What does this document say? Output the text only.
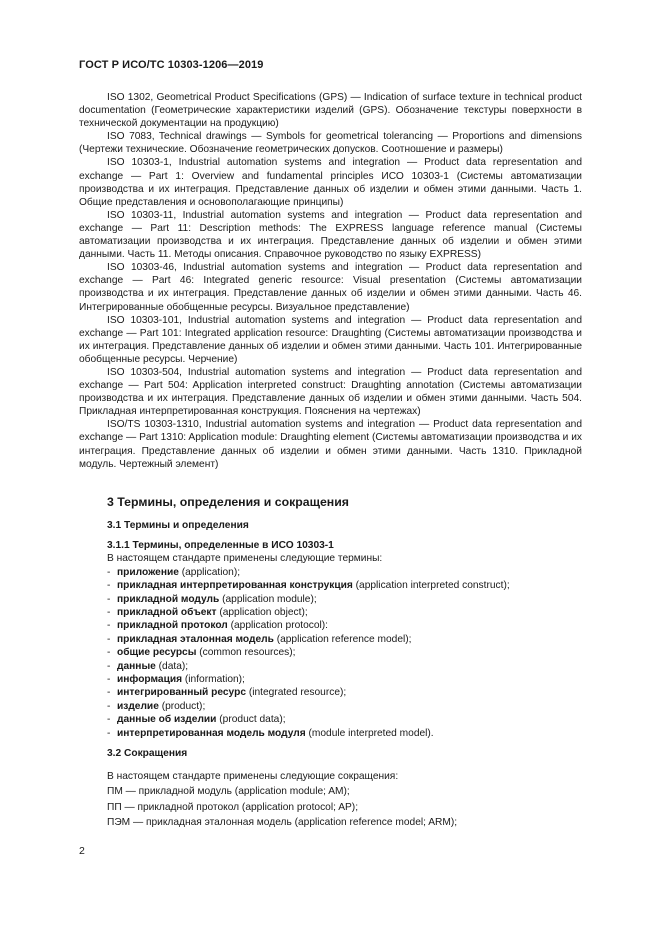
ГОСТ Р ИСО/ТС 10303-1206—2019

ISO 1302, Geometrical Product Specifications (GPS) — Indication of surface texture in technical product documentation (Геометрические характеристики изделий (GPS). Обозначение текстуры поверхности в технической документации на продукцию)

ISO 7083, Technical drawings — Symbols for geometrical tolerancing — Proportions and dimensions (Чертежи технические. Обозначение геометрических допусков. Соотношение и размеры)

ISO 10303-1, Industrial automation systems and integration — Product data representation and exchange — Part 1: Overview and fundamental principles ИСО 10303-1 (Системы автоматизации производства и их интеграция. Представление данных об изделии и обмен этими данными. Часть 1. Общие представления и основополагающие принципы)

ISO 10303-11, Industrial automation systems and integration — Product data representation and exchange — Part 11: Description methods: The EXPRESS language reference manual (Системы автоматизации производства и их интеграция. Представление данных об изделии и обмен этими данными. Часть 11. Методы описания. Справочное руководство по языку EXPRESS)

ISO 10303-46, Industrial automation systems and integration — Product data representation and exchange — Part 46: Integrated generic resource: Visual presentation (Системы автоматизации производства и их интеграция. Представление данных об изделии и обмен этими данными. Часть 46. Интегрированные обобщенные ресурсы. Визуальное представление)

ISO 10303-101, Industrial automation systems and integration — Product data representation and exchange — Part 101: Integrated application resource: Draughting (Системы автоматизации производства и их интеграция. Представление данных об изделии и обмен этими данными. Часть 101. Интегрированные обобщенные ресурсы. Черчение)

ISO 10303-504, Industrial automation systems and integration — Product data representation and exchange — Part 504: Application interpreted construct: Draughting annotation (Системы автоматизации производства и их интеграция. Представление данных об изделии и обмен этими данными. Часть 504. Прикладная интерпретированная конструкция. Пояснения на чертежах)

ISO/TS 10303-1310, Industrial automation systems and integration — Product data representation and exchange — Part 1310: Application module: Draughting element (Системы автоматизации производства и их интеграция. Представление данных об изделии и обмен этими данными. Часть 1310. Прикладной модуль. Чертежный элемент)

3 Термины, определения и сокращения
3.1 Термины и определения

3.1.1 Термины, определенные в ИСО 10303-1

В настоящем стандарте применены следующие термины:

- приложение (application);
- прикладная интерпретированная конструкция (application interpreted construct);
- прикладной модуль (application module);
- прикладной объект (application object);
- прикладной протокол (application protocol):
- прикладная эталонная модель (application reference model);
- общие ресурсы (common resources);
- данные (data);
- информация (information);
- интегрированный ресурс (integrated resource);
- изделие (product);
- данные об изделии (product data);
- интерпретированная модель модуля (module interpreted model).
3.2 Сокращения

В настоящем стандарте применены следующие сокращения:

ПМ — прикладной модуль (application module; AM);

ПП — прикладной протокол (application protocol; AP);

ПЭМ — прикладная эталонная модель (application reference model; ARM);

2
